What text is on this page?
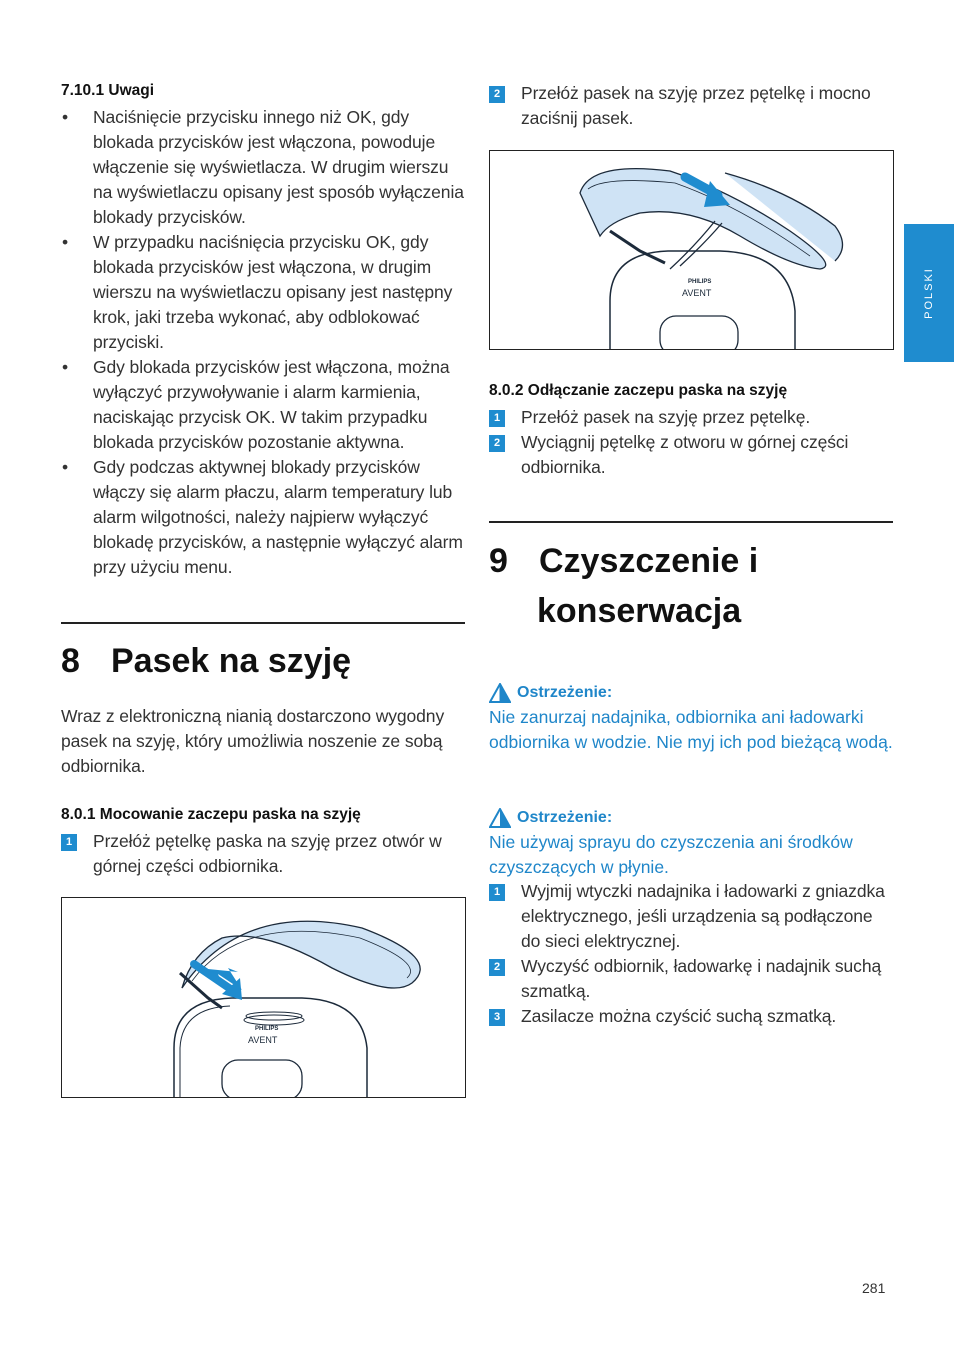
POLSKI
7.10.1 Uwagi
• Naciśnięcie przycisku innego niż OK, gdy blokada przycisków jest włączona, powoduje włączenie się wyświetlacza. W drugim wierszu na wyświetlaczu opisany jest sposób wyłączenia blokady przycisków.
• W przypadku naciśnięcia przycisku OK, gdy blokada przycisków jest włączona, w drugim wierszu na wyświetlaczu opisany jest następny krok, jaki trzeba wykonać, aby odblokować przyciski.
• Gdy blokada przycisków jest włączona, można wyłączyć przywoływanie i alarm karmienia, naciskając przycisk OK. W takim przypadku blokada przycisków pozostanie aktywna.
• Gdy podczas aktywnej blokady przycisków włączy się alarm płaczu, alarm temperatury lub alarm wilgotności, należy najpierw wyłączyć blokadę przycisków, a następnie wyłączyć alarm przy użyciu menu.
8 Pasek na szyję
Wraz z elektroniczną nianią dostarczono wygodny pasek na szyję, który umożliwia noszenie ze sobą odbiornika.
8.0.1 Mocowanie zaczepu paska na szyję
1 Przełóż pętelkę paska na szyję przez otwór w górnej części odbiornika.
PHILIPS
AVENT
2 Przełóż pasek na szyję przez pętelkę i mocno zaciśnij pasek.
PHILIPS
AVENT
8.0.2 Odłączanie zaczepu paska na szyję
1 Przełóż pasek na szyję przez pętelkę.
2 Wyciągnij pętelkę z otworu w górnej części odbiornika.
9 Czyszczenie i
konserwacja
Ostrzeżenie:
Nie zanurzaj nadajnika, odbiornika ani ładowarki odbiornika w wodzie. Nie myj ich pod bieżącą wodą.
Ostrzeżenie:
Nie używaj sprayu do czyszczenia ani środków czyszczących w płynie.
1 Wyjmij wtyczki nadajnika i ładowarki z gniazdka elektrycznego, jeśli urządzenia są podłączone do sieci elektrycznej.
2 Wyczyść odbiornik, ładowarkę i nadajnik suchą szmatką.
3 Zasilacze można czyścić suchą szmatką.
281
